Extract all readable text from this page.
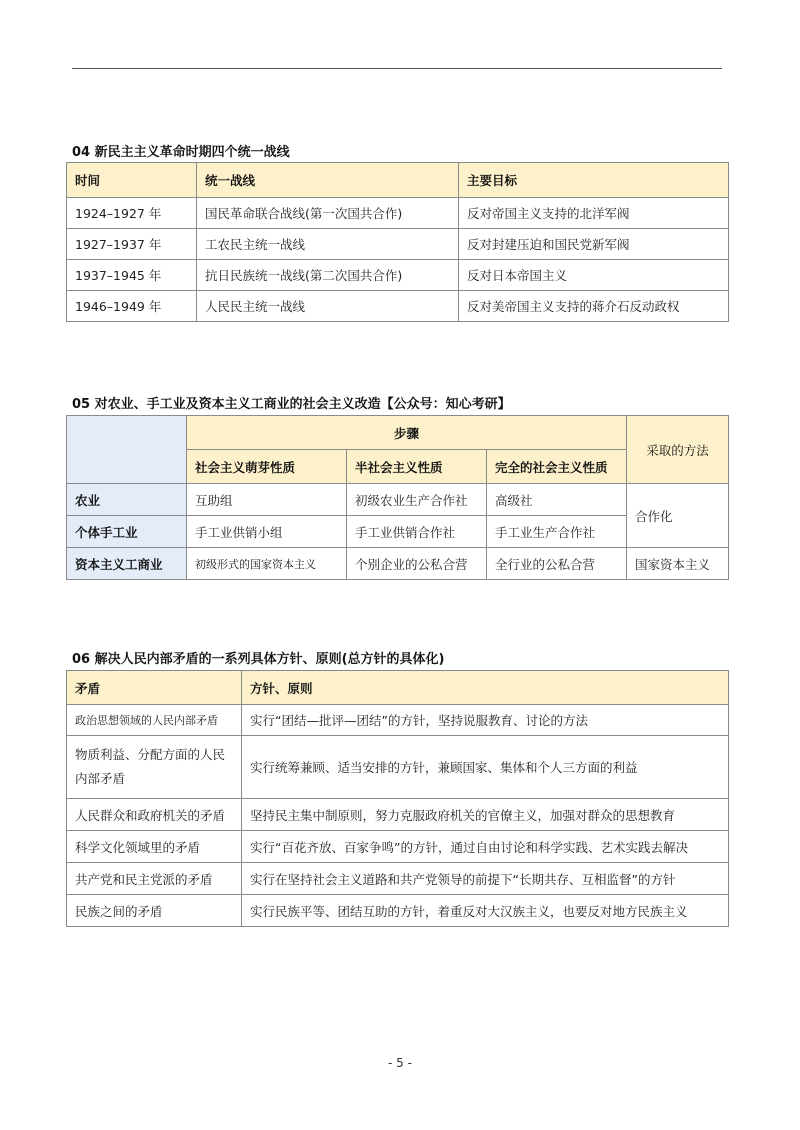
04 新民主主义革命时期四个统一战线
时间	统一战线	主要目标
1924–1927 年	国民革命联合战线(第一次国共合作)	反对帝国主义支持的北洋军阀
1927–1937 年	工农民主统一战线	反对封建压迫和国民党新军阀
1937–1945 年	抗日民族统一战线(第二次国共合作)	反对日本帝国主义
1946–1949 年	人民民主统一战线	反对美帝国主义支持的蒋介石反动政权
05 对农业、手工业及资本主义工商业的社会主义改造【公众号：知心考研】
	步骤			采取的方法
	社会主义萌芽性质	半社会主义性质	完全的社会主义性质	
农业	互助组	初级农业生产合作社	高级社	合作化
个体手工业	手工业供销小组	手工业供销合作社	手工业生产合作社	
资本主义工商业	初级形式的国家资本主义	个别企业的公私合营	全行业的公私合营	国家资本主义
06 解决人民内部矛盾的一系列具体方针、原则(总方针的具体化)
矛盾	方针、原则
政治思想领域的人民内部矛盾	实行“团结—批评—团结”的方针，坚持说服教育、讨论的方法
物质利益、分配方面的人民内部矛盾	实行统筹兼顾、适当安排的方针，兼顾国家、集体和个人三方面的利益
人民群众和政府机关的矛盾	坚持民主集中制原则，努力克服政府机关的官僚主义，加强对群众的思想教育
科学文化领域里的矛盾	实行“百花齐放、百家争鸣”的方针，通过自由讨论和科学实践、艺术实践去解决
共产党和民主党派的矛盾	实行在坚持社会主义道路和共产党领导的前提下“长期共存、互相监督”的方针
民族之间的矛盾	实行民族平等、团结互助的方针，着重反对大汉族主义，也要反对地方民族主义
- 5 -
